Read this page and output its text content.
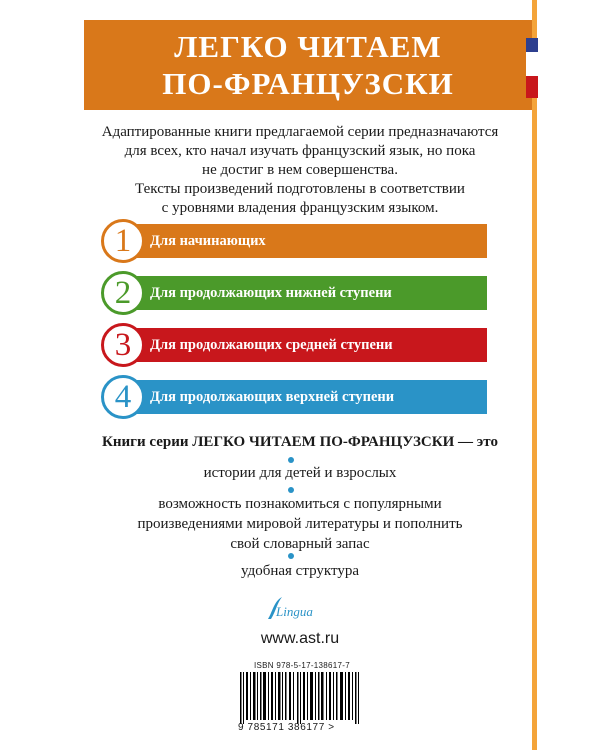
ЛЕГКО ЧИТАЕМ
ПО-ФРАНЦУЗСКИ
Адаптированные книги предлагаемой серии предназначаются
для всех, кто начал изучать французский язык, но пока
не достиг в нем совершенства.
Тексты произведений подготовлены в соответствии
с уровнями владения французским языком.
1	Для начинающих
2	Для продолжающих нижней ступени
3	Для продолжающих средней ступени
4	Для продолжающих верхней ступени
Книги серии ЛЕГКО ЧИТАЕМ ПО-ФРАНЦУЗСКИ — это
истории для детей и взрослых
возможность познакомиться с популярными
произведениями мировой литературы и пополнить
свой словарный запас
удобная структура
Lingua
www.ast.ru
ISBN 978-5-17-138617-7
9 785171 386177 >
